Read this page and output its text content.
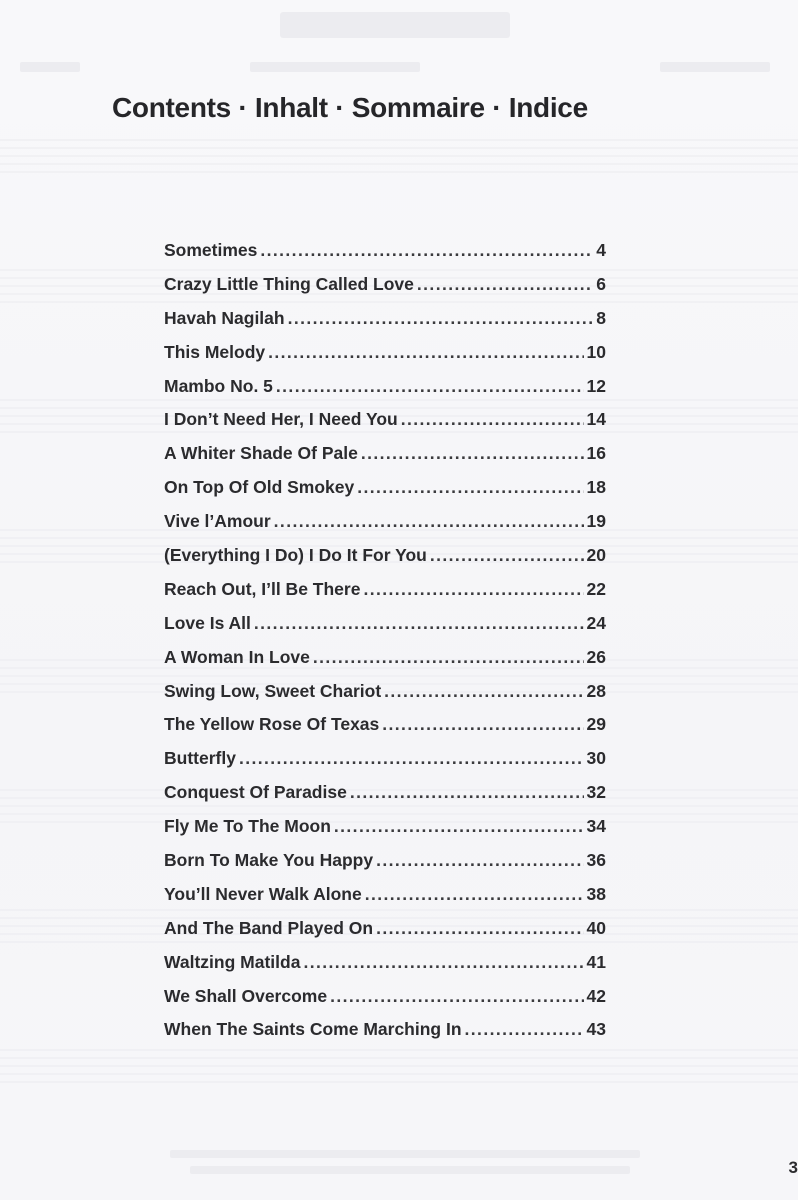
Contents · Inhalt · Sommaire · Indice
Sometimes .....	4
Crazy Little Thing Called Love .....	6
Havah Nagilah .....	8
This Melody .....	10
Mambo No. 5 .....	12
I Don’t Need Her, I Need You .....	14
A Whiter Shade Of Pale .....	16
On Top Of Old Smokey .....	18
Vive l’Amour .....	19
(Everything I Do) I Do It For You .....	20
Reach Out, I’ll Be There .....	22
Love Is All .....	24
A Woman In Love .....	26
Swing Low, Sweet Chariot .....	28
The Yellow Rose Of Texas .....	29
Butterfly .....	30
Conquest Of Paradise .....	32
Fly Me To The Moon .....	34
Born To Make You Happy .....	36
You’ll Never Walk Alone .....	38
And The Band Played On .....	40
Waltzing Matilda .....	41
We Shall Overcome .....	42
When The Saints Come Marching In .....	43
3
